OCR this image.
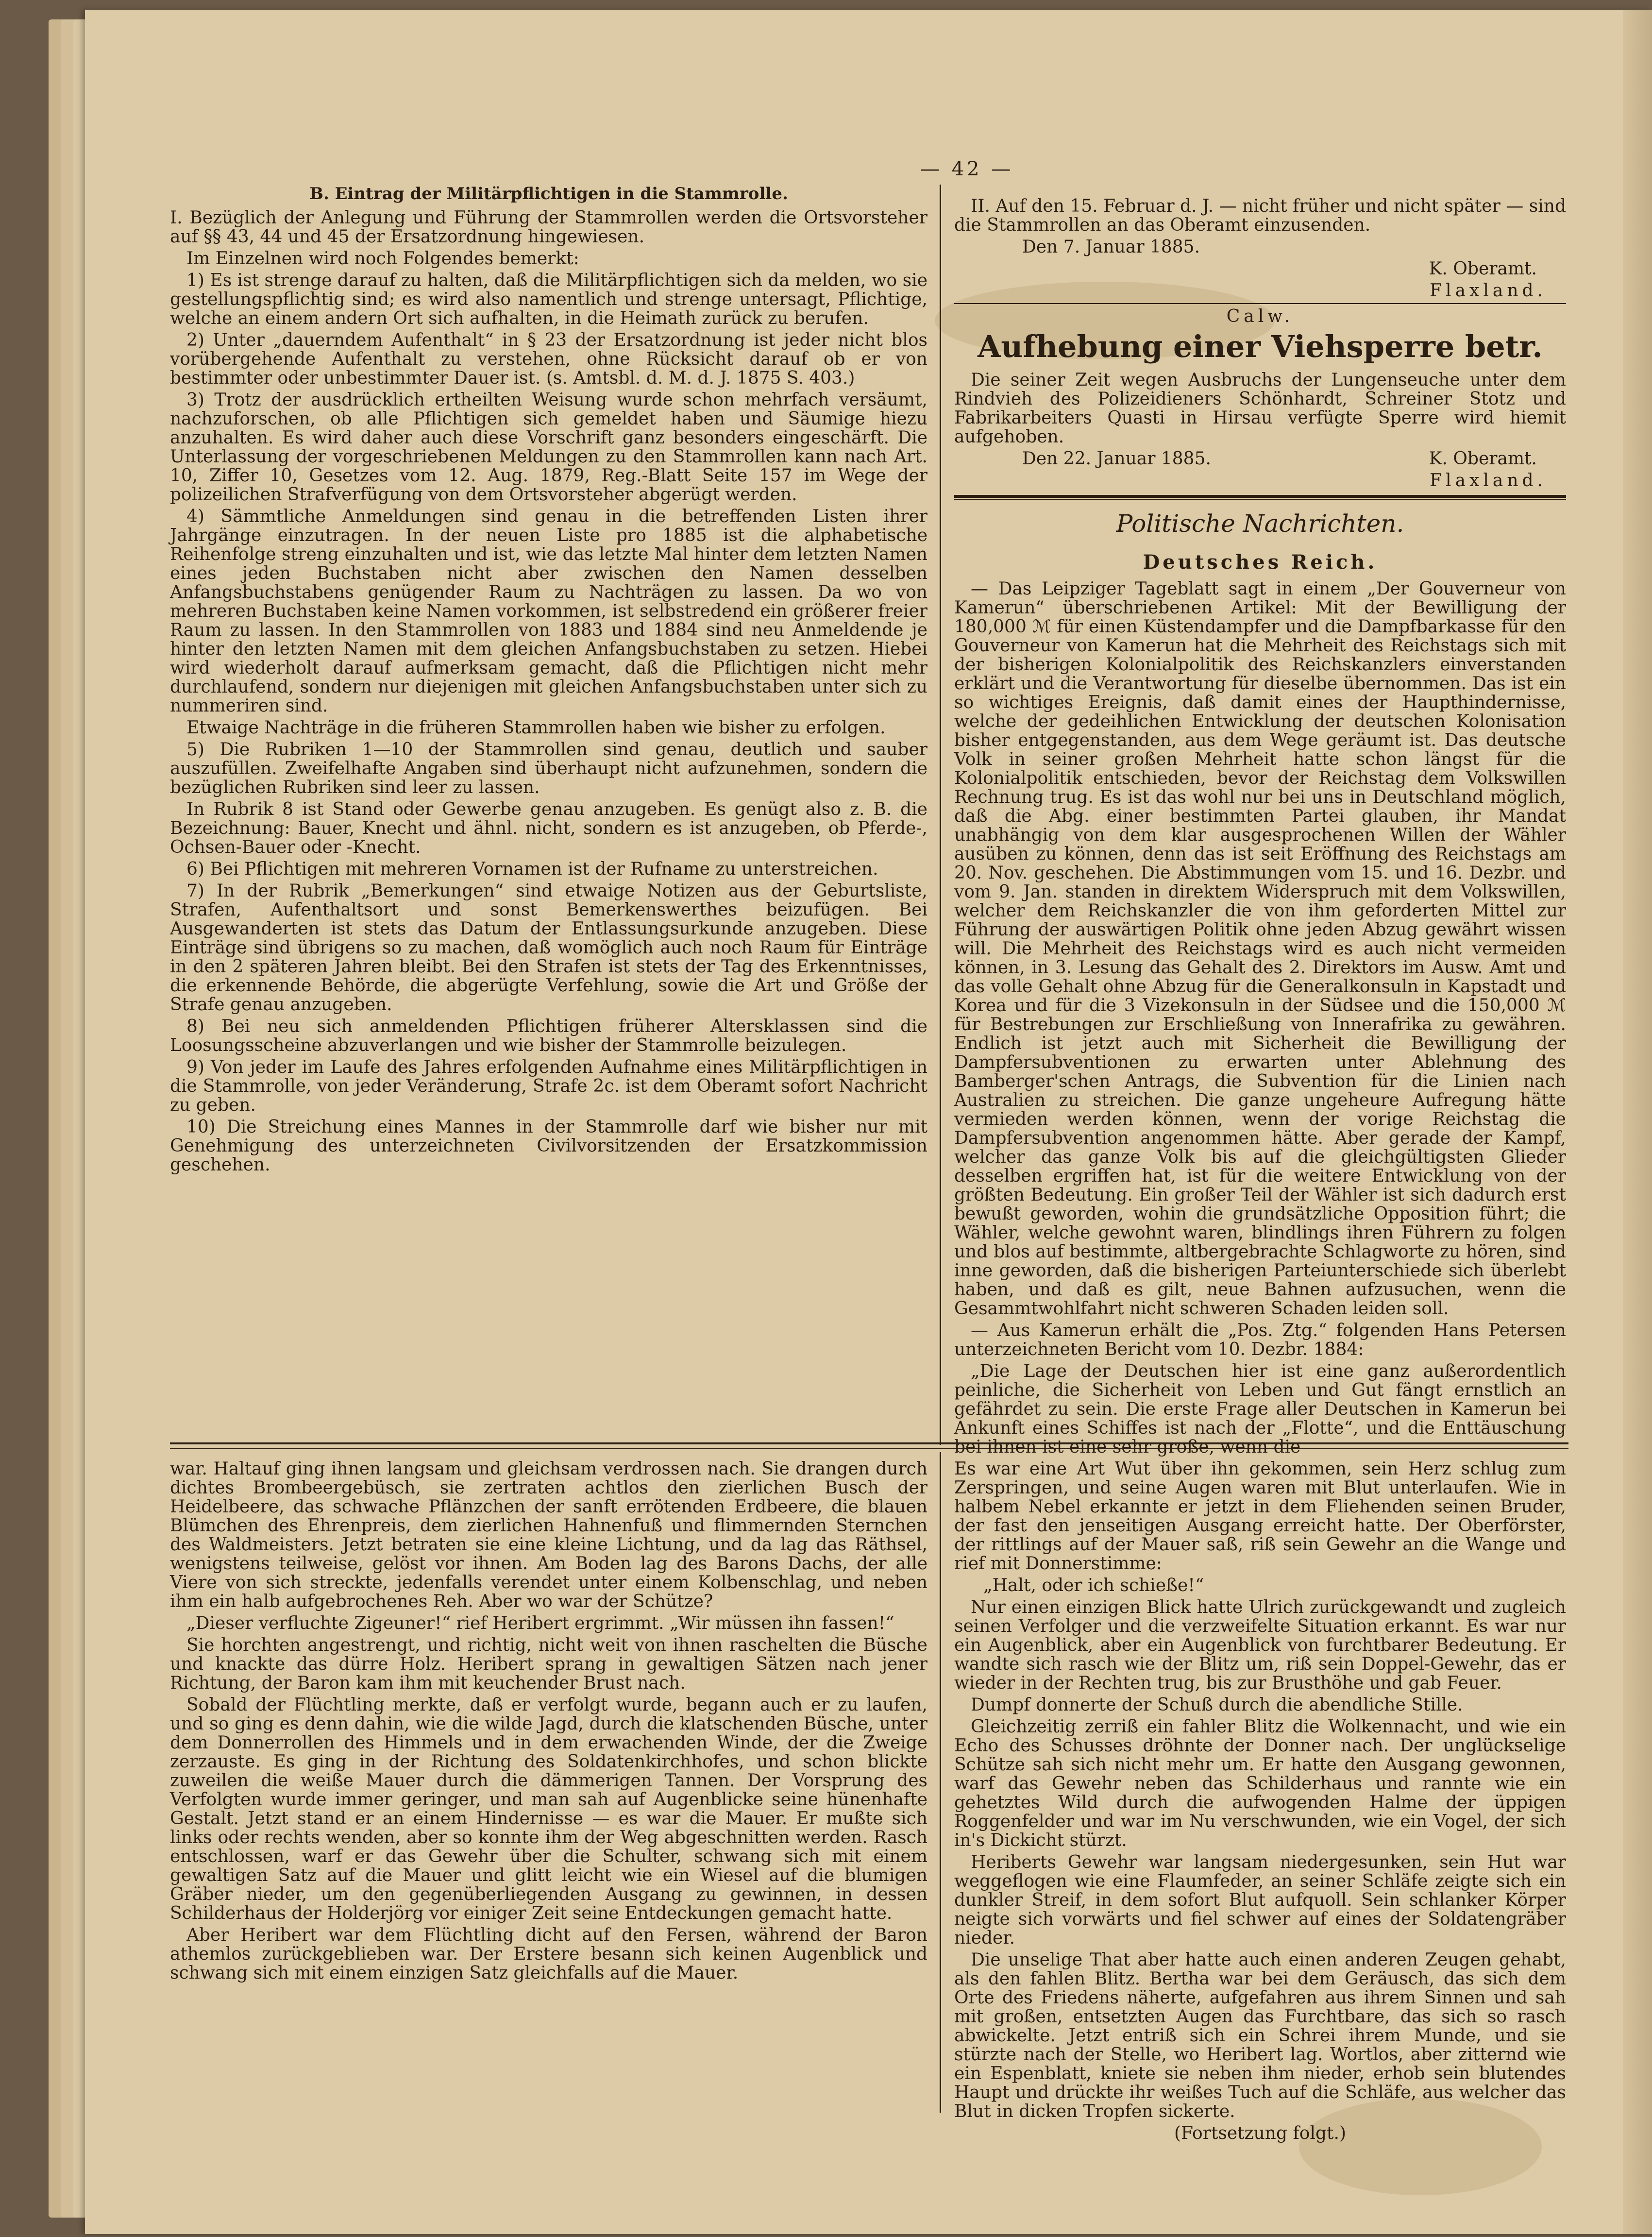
— 42 —

B. Eintrag der Militärpflichtigen in die Stammrolle.

I. Bezüglich der Anlegung und Führung der Stammrollen werden die Ortsvorsteher auf §§ 43, 44 und 45 der Ersatzordnung hingewiesen.

Im Einzelnen wird noch Folgendes bemerkt:

1) Es ist strenge darauf zu halten, daß die Militärpflichtigen sich da melden, wo sie gestellungspflichtig sind; es wird also namentlich und strenge untersagt, Pflichtige, welche an einem andern Ort sich aufhalten, in die Heimath zurück zu berufen.

2) Unter „dauerndem Aufenthalt“ in § 23 der Ersatzordnung ist jeder nicht blos vorübergehende Aufenthalt zu verstehen, ohne Rücksicht darauf ob er von bestimmter oder unbestimmter Dauer ist. (s. Amtsbl. d. M. d. J. 1875 S. 403.)

3) Trotz der ausdrücklich ertheilten Weisung wurde schon mehrfach versäumt, nachzuforschen, ob alle Pflichtigen sich gemeldet haben und Säumige hiezu anzuhalten. Es wird daher auch diese Vorschrift ganz besonders eingeschärft. Die Unterlassung der vorgeschriebenen Meldungen zu den Stammrollen kann nach Art. 10, Ziffer 10, Gesetzes vom 12. Aug. 1879, Reg.-Blatt Seite 157 im Wege der polizeilichen Strafverfügung von dem Ortsvorsteher abgerügt werden.

4) Sämmtliche Anmeldungen sind genau in die betreffenden Listen ihrer Jahrgänge einzutragen. In der neuen Liste pro 1885 ist die alphabetische Reihenfolge streng einzuhalten und ist, wie das letzte Mal hinter dem letzten Namen eines jeden Buchstaben nicht aber zwischen den Namen desselben Anfangsbuchstabens genügender Raum zu Nachträgen zu lassen. Da wo von mehreren Buchstaben keine Namen vorkommen, ist selbstredend ein größerer freier Raum zu lassen. In den Stammrollen von 1883 und 1884 sind neu Anmeldende je hinter den letzten Namen mit dem gleichen Anfangsbuchstaben zu setzen. Hiebei wird wiederholt darauf aufmerksam gemacht, daß die Pflichtigen nicht mehr durchlaufend, sondern nur diejenigen mit gleichen Anfangsbuchstaben unter sich zu nummeriren sind.

Etwaige Nachträge in die früheren Stammrollen haben wie bisher zu erfolgen.

5) Die Rubriken 1—10 der Stammrollen sind genau, deutlich und sauber auszufüllen. Zweifelhafte Angaben sind überhaupt nicht aufzunehmen, sondern die bezüglichen Rubriken sind leer zu lassen.

In Rubrik 8 ist Stand oder Gewerbe genau anzugeben. Es genügt also z. B. die Bezeichnung: Bauer, Knecht und ähnl. nicht, sondern es ist anzugeben, ob Pferde-, Ochsen-Bauer oder -Knecht.

6) Bei Pflichtigen mit mehreren Vornamen ist der Rufname zu unterstreichen.

7) In der Rubrik „Bemerkungen“ sind etwaige Notizen aus der Geburtsliste, Strafen, Aufenthaltsort und sonst Bemerkenswerthes beizufügen. Bei Ausgewanderten ist stets das Datum der Entlassungsurkunde anzugeben. Diese Einträge sind übrigens so zu machen, daß womöglich auch noch Raum für Einträge in den 2 späteren Jahren bleibt. Bei den Strafen ist stets der Tag des Erkenntnisses, die erkennende Behörde, die abgerügte Verfehlung, sowie die Art und Größe der Strafe genau anzugeben.

8) Bei neu sich anmeldenden Pflichtigen früherer Altersklassen sind die Loosungsscheine abzuverlangen und wie bisher der Stammrolle beizulegen.

9) Von jeder im Laufe des Jahres erfolgenden Aufnahme eines Militärpflichtigen in die Stammrolle, von jeder Veränderung, Strafe 2c. ist dem Oberamt sofort Nachricht zu geben.

10) Die Streichung eines Mannes in der Stammrolle darf wie bisher nur mit Genehmigung des unterzeichneten Civilvorsitzenden der Ersatzkommission geschehen.

II. Auf den 15. Februar d. J. — nicht früher und nicht später — sind die Stammrollen an das Oberamt einzusenden.

Den 7. Januar 1885.

K. Oberamt.

Flaxland.

Calw.

Aufhebung einer Viehsperre betr.

Die seiner Zeit wegen Ausbruchs der Lungenseuche unter dem Rindvieh des Polizeidieners Schönhardt, Schreiner Stotz und Fabrikarbeiters Quasti in Hirsau verfügte Sperre wird hiemit aufgehoben.

Den 22. Januar 1885.	K. Oberamt.

Flaxland.

Politische Nachrichten.

Deutsches Reich.

— Das Leipziger Tageblatt sagt in einem „Der Gouverneur von Kamerun“ überschriebenen Artikel: Mit der Bewilligung der 180,000 ℳ für einen Küstendampfer und die Dampfbarkasse für den Gouverneur von Kamerun hat die Mehrheit des Reichstags sich mit der bisherigen Kolonialpolitik des Reichskanzlers einverstanden erklärt und die Verantwortung für dieselbe übernommen. Das ist ein so wichtiges Ereignis, daß damit eines der Haupthindernisse, welche der gedeihlichen Entwicklung der deutschen Kolonisation bisher entgegenstanden, aus dem Wege geräumt ist. Das deutsche Volk in seiner großen Mehrheit hatte schon längst für die Kolonialpolitik entschieden, bevor der Reichstag dem Volkswillen Rechnung trug. Es ist das wohl nur bei uns in Deutschland möglich, daß die Abg. einer bestimmten Partei glauben, ihr Mandat unabhängig von dem klar ausgesprochenen Willen der Wähler ausüben zu können, denn das ist seit Eröffnung des Reichstags am 20. Nov. geschehen. Die Abstimmungen vom 15. und 16. Dezbr. und vom 9. Jan. standen in direktem Widerspruch mit dem Volkswillen, welcher dem Reichskanzler die von ihm geforderten Mittel zur Führung der auswärtigen Politik ohne jeden Abzug gewährt wissen will. Die Mehrheit des Reichstags wird es auch nicht vermeiden können, in 3. Lesung das Gehalt des 2. Direktors im Ausw. Amt und das volle Gehalt ohne Abzug für die Generalkonsuln in Kapstadt und Korea und für die 3 Vizekonsuln in der Südsee und die 150,000 ℳ für Bestrebungen zur Erschließung von Innerafrika zu gewähren. Endlich ist jetzt auch mit Sicherheit die Bewilligung der Dampfersubventionen zu erwarten unter Ablehnung des Bamberger'schen Antrags, die Subvention für die Linien nach Australien zu streichen. Die ganze ungeheure Aufregung hätte vermieden werden können, wenn der vorige Reichstag die Dampfersubvention angenommen hätte. Aber gerade der Kampf, welcher das ganze Volk bis auf die gleichgültigsten Glieder desselben ergriffen hat, ist für die weitere Entwicklung von der größten Bedeutung. Ein großer Teil der Wähler ist sich dadurch erst bewußt geworden, wohin die grundsätzliche Opposition führt; die Wähler, welche gewohnt waren, blindlings ihren Führern zu folgen und blos auf bestimmte, altbergebrachte Schlagworte zu hören, sind inne geworden, daß die bisherigen Parteiunterschiede sich überlebt haben, und daß es gilt, neue Bahnen aufzusuchen, wenn die Gesammtwohlfahrt nicht schweren Schaden leiden soll.

— Aus Kamerun erhält die „Pos. Ztg.“ folgenden Hans Petersen unterzeichneten Bericht vom 10. Dezbr. 1884:

„Die Lage der Deutschen hier ist eine ganz außerordentlich peinliche, die Sicherheit von Leben und Gut fängt ernstlich an gefährdet zu sein. Die erste Frage aller Deutschen in Kamerun bei Ankunft eines Schiffes ist nach der „Flotte“, und die Enttäuschung bei ihnen ist eine sehr große, wenn die

war. Haltauf ging ihnen langsam und gleichsam verdrossen nach. Sie drangen durch dichtes Brombeergebüsch, sie zertraten achtlos den zierlichen Busch der Heidelbeere, das schwache Pflänzchen der sanft errötenden Erdbeere, die blauen Blümchen des Ehrenpreis, dem zierlichen Hahnenfuß und flimmernden Sternchen des Waldmeisters. Jetzt betraten sie eine kleine Lichtung, und da lag das Räthsel, wenigstens teilweise, gelöst vor ihnen. Am Boden lag des Barons Dachs, der alle Viere von sich streckte, jedenfalls verendet unter einem Kolbenschlag, und neben ihm ein halb aufgebrochenes Reh. Aber wo war der Schütze?

„Dieser verfluchte Zigeuner!“ rief Heribert ergrimmt. „Wir müssen ihn fassen!“

Sie horchten angestrengt, und richtig, nicht weit von ihnen raschelten die Büsche und knackte das dürre Holz. Heribert sprang in gewaltigen Sätzen nach jener Richtung, der Baron kam ihm mit keuchender Brust nach.

Sobald der Flüchtling merkte, daß er verfolgt wurde, begann auch er zu laufen, und so ging es denn dahin, wie die wilde Jagd, durch die klatschenden Büsche, unter dem Donnerrollen des Himmels und in dem erwachenden Winde, der die Zweige zerzauste. Es ging in der Richtung des Soldatenkirchhofes, und schon blickte zuweilen die weiße Mauer durch die dämmerigen Tannen. Der Vorsprung des Verfolgten wurde immer geringer, und man sah auf Augenblicke seine hünenhafte Gestalt. Jetzt stand er an einem Hindernisse — es war die Mauer. Er mußte sich links oder rechts wenden, aber so konnte ihm der Weg abgeschnitten werden. Rasch entschlossen, warf er das Gewehr über die Schulter, schwang sich mit einem gewaltigen Satz auf die Mauer und glitt leicht wie ein Wiesel auf die blumigen Gräber nieder, um den gegenüberliegenden Ausgang zu gewinnen, in dessen Schilderhaus der Holderjörg vor einiger Zeit seine Entdeckungen gemacht hatte.

Aber Heribert war dem Flüchtling dicht auf den Fersen, während der Baron athemlos zurückgeblieben war. Der Erstere besann sich keinen Augenblick und schwang sich mit einem einzigen Satz gleichfalls auf die Mauer.

Es war eine Art Wut über ihn gekommen, sein Herz schlug zum Zerspringen, und seine Augen waren mit Blut unterlaufen. Wie in halbem Nebel erkannte er jetzt in dem Fliehenden seinen Bruder, der fast den jenseitigen Ausgang erreicht hatte. Der Oberförster, der rittlings auf der Mauer saß, riß sein Gewehr an die Wange und rief mit Donnerstimme:

„Halt, oder ich schieße!“

Nur einen einzigen Blick hatte Ulrich zurückgewandt und zugleich seinen Verfolger und die verzweifelte Situation erkannt. Es war nur ein Augenblick, aber ein Augenblick von furchtbarer Bedeutung. Er wandte sich rasch wie der Blitz um, riß sein Doppel-Gewehr, das er wieder in der Rechten trug, bis zur Brusthöhe und gab Feuer.

Dumpf donnerte der Schuß durch die abendliche Stille.

Gleichzeitig zerriß ein fahler Blitz die Wolkennacht, und wie ein Echo des Schusses dröhnte der Donner nach. Der unglückselige Schütze sah sich nicht mehr um. Er hatte den Ausgang gewonnen, warf das Gewehr neben das Schilderhaus und rannte wie ein gehetztes Wild durch die aufwogenden Halme der üppigen Roggenfelder und war im Nu verschwunden, wie ein Vogel, der sich in's Dickicht stürzt.

Heriberts Gewehr war langsam niedergesunken, sein Hut war weggeflogen wie eine Flaumfeder, an seiner Schläfe zeigte sich ein dunkler Streif, in dem sofort Blut aufquoll. Sein schlanker Körper neigte sich vorwärts und fiel schwer auf eines der Soldatengräber nieder.

Die unselige That aber hatte auch einen anderen Zeugen gehabt, als den fahlen Blitz. Bertha war bei dem Geräusch, das sich dem Orte des Friedens näherte, aufgefahren aus ihrem Sinnen und sah mit großen, entsetzten Augen das Furchtbare, das sich so rasch abwickelte. Jetzt entriß sich ein Schrei ihrem Munde, und sie stürzte nach der Stelle, wo Heribert lag. Wortlos, aber zitternd wie ein Espenblatt, kniete sie neben ihm nieder, erhob sein blutendes Haupt und drückte ihr weißes Tuch auf die Schläfe, aus welcher das Blut in dicken Tropfen sickerte.

(Fortsetzung folgt.)
